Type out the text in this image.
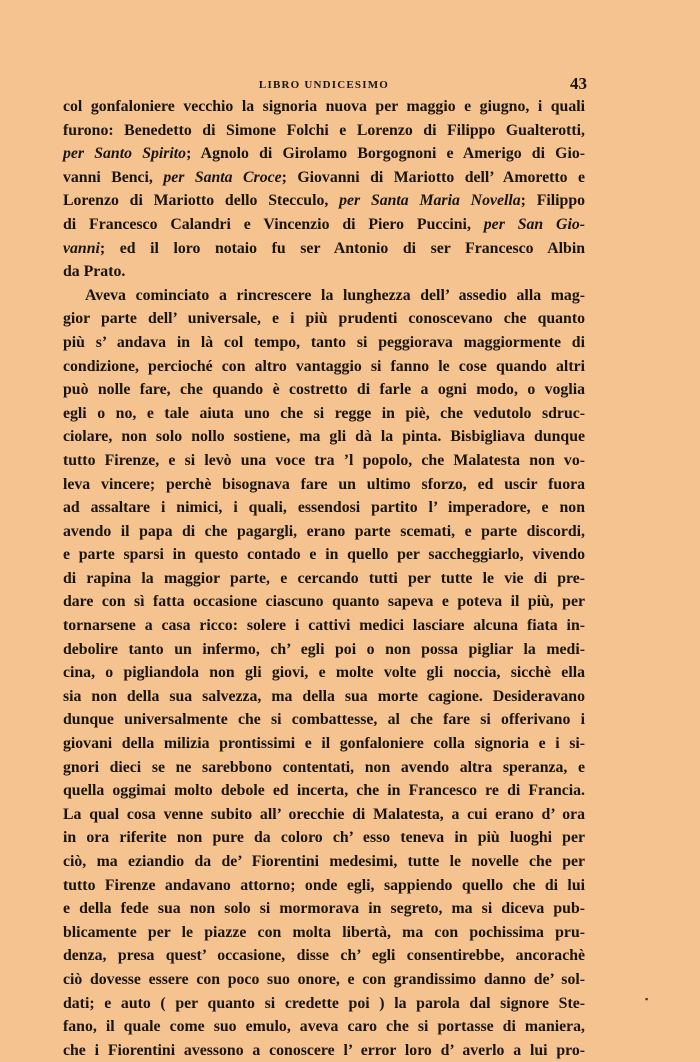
LIBRO UNDICESIMO	43
col gonfaloniere vecchio la signoria nuova per maggio e giugno, i quali
furono: Benedetto di Simone Folchi e Lorenzo di Filippo Gualterotti,
per Santo Spirito; Agnolo di Girolamo Borgognoni e Amerigo di Gio-
vanni Benci, per Santa Croce; Giovanni di Mariotto dell’ Amoretto e
Lorenzo di Mariotto dello Stecculo, per Santa Maria Novella; Filippo
di Francesco Calandri e Vincenzio di Piero Puccini, per San Gio-
vanni; ed il loro notaio fu ser Antonio di ser Francesco Albin
da Prato.
Aveva cominciato a rincrescere la lunghezza dell’ assedio alla mag-
gior parte dell’ universale, e i più prudenti conoscevano che quanto
più s’ andava in là col tempo, tanto si peggiorava maggiormente di
condizione, percioché con altro vantaggio si fanno le cose quando altri
può nolle fare, che quando è costretto di farle a ogni modo, o voglia
egli o no, e tale aiuta uno che si regge in piè, che vedutolo sdruc-
ciolare, non solo nollo sostiene, ma gli dà la pinta. Bisbigliava dunque
tutto Firenze, e si levò una voce tra ’l popolo, che Malatesta non vo-
leva vincere; perchè bisognava fare un ultimo sforzo, ed uscir fuora
ad assaltare i nimici, i quali, essendosi partito l’ imperadore, e non
avendo il papa di che pagargli, erano parte scemati, e parte discordi,
e parte sparsi in questo contado e in quello per saccheggiarlo, vivendo
di rapina la maggior parte, e cercando tutti per tutte le vie di pre-
dare con sì fatta occasione ciascuno quanto sapeva e poteva il più, per
tornarsene a casa ricco: solere i cattivi medici lasciare alcuna fiata in-
debolire tanto un infermo, ch’ egli poi o non possa pigliar la medi-
cina, o pigliandola non gli giovi, e molte volte gli noccia, sicchè ella
sia non della sua salvezza, ma della sua morte cagione. Desideravano
dunque universalmente che si combattesse, al che fare si offerivano i
giovani della milizia prontissimi e il gonfaloniere colla signoria e i si-
gnori dieci se ne sarebbono contentati, non avendo altra speranza, e
quella oggimai molto debole ed incerta, che in Francesco re di Francia.
La qual cosa venne subito all’ orecchie di Malatesta, a cui erano d’ ora
in ora riferite non pure da coloro ch’ esso teneva in più luoghi per
ciò, ma eziandio da de’ Fiorentini medesimi, tutte le novelle che per
tutto Firenze andavano attorno; onde egli, sappiendo quello che di lui
e della fede sua non solo si mormorava in segreto, ma si diceva pub-
blicamente per le piazze con molta libertà, ma con pochissima pru-
denza, presa quest’ occasione, disse ch’ egli consentirebbe, ancorachè
ciò dovesse essere con poco suo onore, e con grandissimo danno de’ sol-
dati; e auto ( per quanto si credette poi ) la parola dal signore Ste-
fano, il quale come suo emulo, aveva caro che si portasse di maniera,
che i Fiorentini avessono a conoscere l’ error loro d’ averlo a lui pro-
▪
